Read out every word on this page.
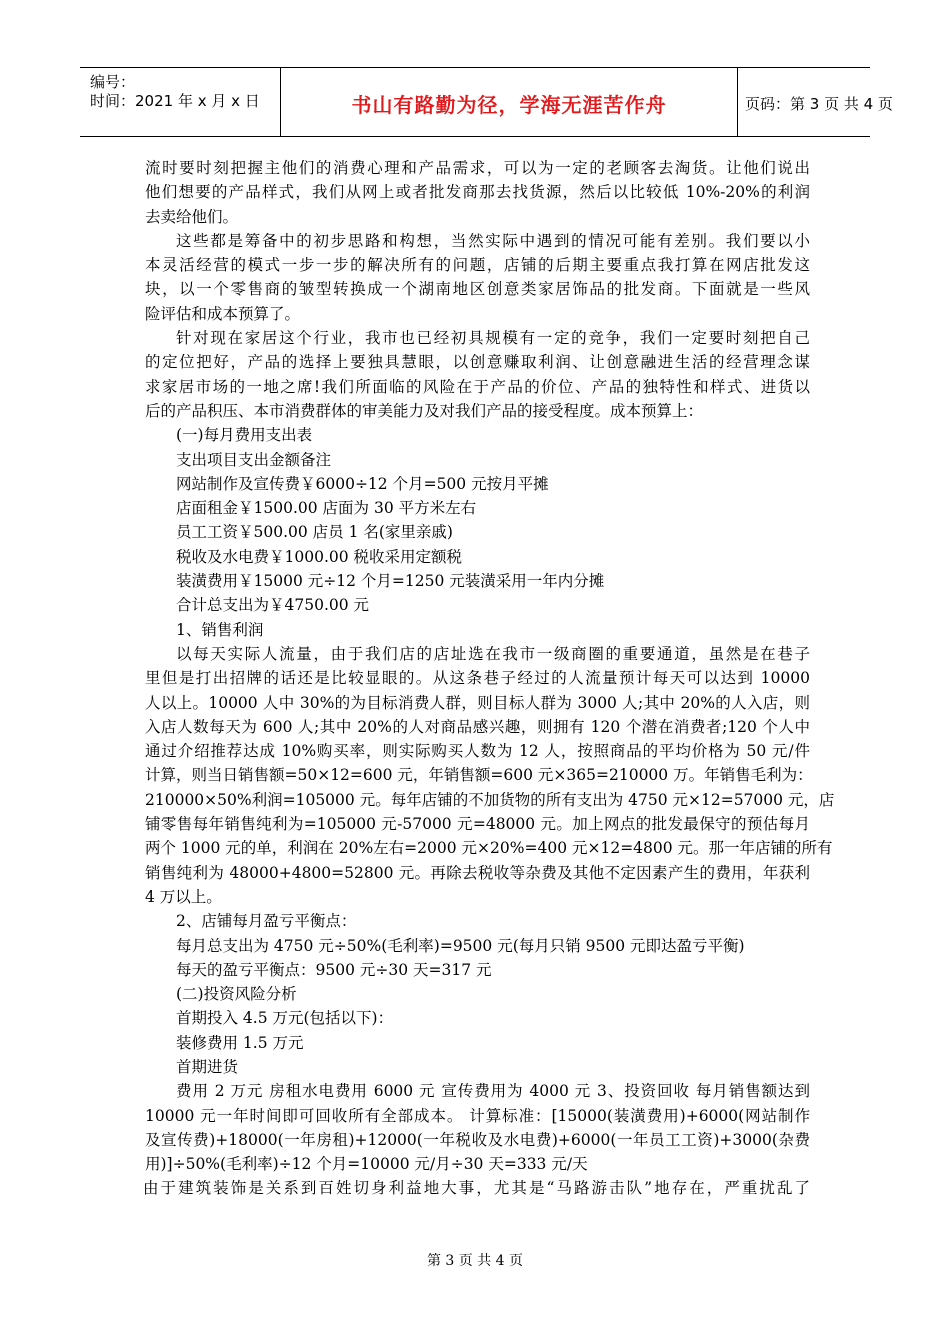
编号：
时间：2021 年 x 月 x 日	书山有路勤为径，学海无涯苦作舟	页码：第 3 页 共 4 页
流时要时刻把握主他们的消费心理和产品需求，可以为一定的老顾客去淘货。让他们说出
他们想要的产品样式，我们从网上或者批发商那去找货源，然后以比较低 10%-20%的利润
去卖给他们。
这些都是筹备中的初步思路和构想，当然实际中遇到的情况可能有差别。我们要以小
本灵活经营的模式一步一步的解决所有的问题，店铺的后期主要重点我打算在网店批发这
块，以一个零售商的皱型转换成一个湖南地区创意类家居饰品的批发商。下面就是一些风
险评估和成本预算了。
针对现在家居这个行业，我市也已经初具规模有一定的竞争，我们一定要时刻把自己
的定位把好，产品的选择上要独具慧眼，以创意赚取利润、让创意融进生活的经营理念谋
求家居市场的一地之席!我们所面临的风险在于产品的价位、产品的独特性和样式、进货以
后的产品积压、本市消费群体的审美能力及对我们产品的接受程度。成本预算上：
(一)每月费用支出表
支出项目支出金额备注
网站制作及宣传费￥6000÷12 个月=500 元按月平摊
店面租金￥1500.00 店面为 30 平方米左右
员工工资￥500.00 店员 1 名(家里亲戚)
税收及水电费￥1000.00 税收采用定额税
装潢费用￥15000 元÷12 个月=1250 元装潢采用一年内分摊
合计总支出为￥4750.00 元
1、销售利润
以每天实际人流量，由于我们店的店址选在我市一级商圈的重要通道，虽然是在巷子
里但是打出招牌的话还是比较显眼的。从这条巷子经过的人流量预计每天可以达到 10000
人以上。10000 人中 30%的为目标消费人群，则目标人群为 3000 人;其中 20%的人入店，则
入店人数每天为 600 人;其中 20%的人对商品感兴趣，则拥有 120 个潜在消费者;120 个人中
通过介绍推荐达成 10%购买率，则实际购买人数为 12 人，按照商品的平均价格为 50 元/件
计算，则当日销售额=50×12=600 元，年销售额=600 元×365=210000 万。年销售毛利为：
210000×50%利润=105000 元。每年店铺的不加货物的所有支出为 4750 元×12=57000 元，店
铺零售每年销售纯利为=105000 元-57000 元=48000 元。加上网点的批发最保守的预估每月
两个 1000 元的单，利润在 20%左右=2000 元×20%=400 元×12=4800 元。那一年店铺的所有
销售纯利为 48000+4800=52800 元。再除去税收等杂费及其他不定因素产生的费用，年获利
4 万以上。
2、店铺每月盈亏平衡点：
每月总支出为 4750 元÷50%(毛利率)=9500 元(每月只销 9500 元即达盈亏平衡)
每天的盈亏平衡点：9500 元÷30 天=317 元
(二)投资风险分析
首期投入 4.5 万元(包括以下)：
装修费用 1.5 万元
首期进货
费用 2 万元 房租水电费用 6000 元 宣传费用为 4000 元 3、投资回收 每月销售额达到
10000 元一年时间即可回收所有全部成本。 计算标准：[15000(装潢费用)+6000(网站制作
及宣传费)+18000(一年房租)+12000(一年税收及水电费)+6000(一年员工工资)+3000(杂费
用)]÷50%(毛利率)÷12 个月=10000 元/月÷30 天=333 元/天
由于建筑装饰是关系到百姓切身利益地大事，尤其是“马路游击队”地存在，严重扰乱了
第 3 页 共 4 页
